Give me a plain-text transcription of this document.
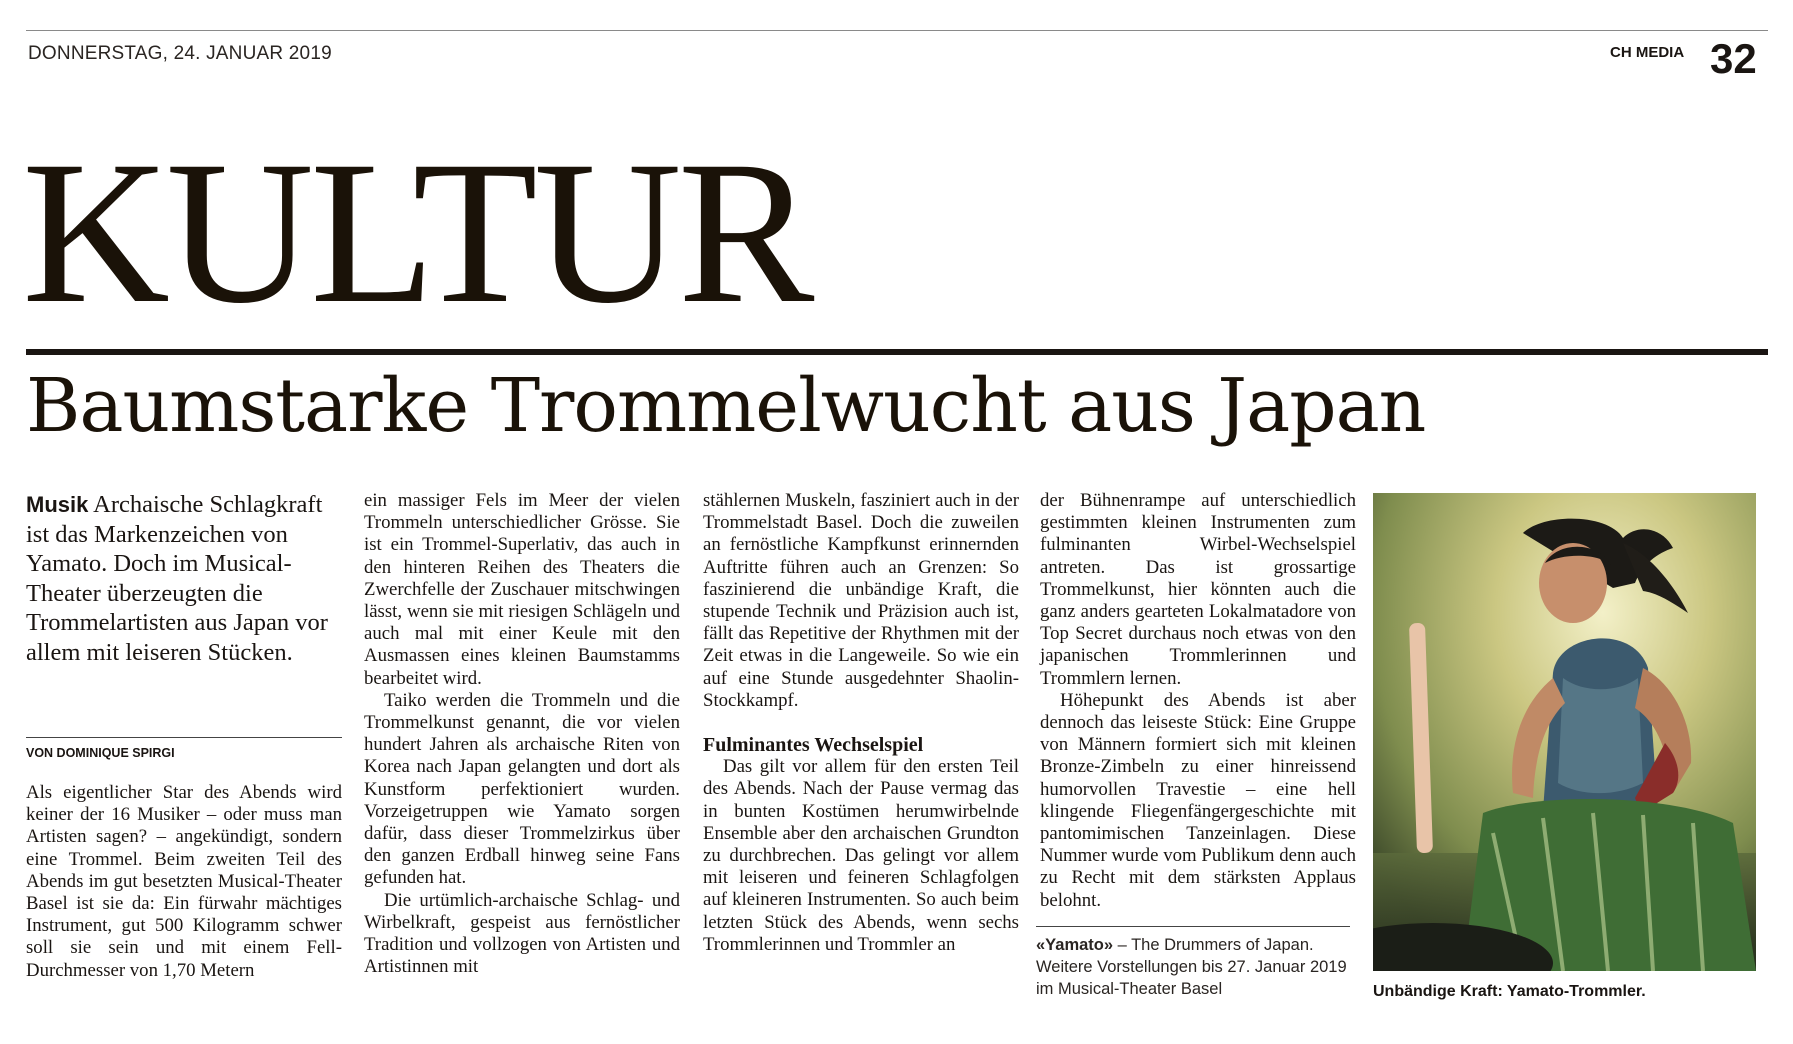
DONNERSTAG, 24. JANUAR 2019	CH MEDIA 32
KULTUR
Baumstarke Trommelwucht aus Japan
Musik Archaische Schlagkraft ist das Markenzeichen von Yamato. Doch im Musical-Theater überzeugten die Trommelartisten aus Japan vor allem mit leiseren Stücken.
VON DOMINIQUE SPIRGI

Als eigentlicher Star des Abends wird keiner der 16 Musiker – oder muss man Artisten sagen? – angekündigt, sondern eine Trommel. Beim zweiten Teil des Abends im gut besetzten Musical-Theater Basel ist sie da: Ein fürwahr mächtiges Instrument, gut 500 Kilogramm schwer soll sie sein und mit einem Fell-Durchmesser von 1,70 Metern

ein massiger Fels im Meer der vielen Trommeln unterschiedlicher Grösse. Sie ist ein Trommel-Superlativ, das auch in den hinteren Reihen des Theaters die Zwerchfelle der Zuschauer mitschwingen lässt, wenn sie mit riesigen Schlägeln und auch mal mit einer Keule mit den Ausmassen eines kleinen Baumstamms bearbeitet wird.

Taiko werden die Trommeln und die Trommelkunst genannt, die vor vielen hundert Jahren als archaische Riten von Korea nach Japan gelangten und dort als Kunstform perfektioniert wurden. Vorzeigetruppen wie Yamato sorgen dafür, dass dieser Trommelzirkus über den ganzen Erdball hinweg seine Fans gefunden hat.

Die urtümlich-archaische Schlag- und Wirbelkraft, gespeist aus fernöstlicher Tradition und vollzogen von Artisten und Artistinnen mit

stählernen Muskeln, fasziniert auch in der Trommelstadt Basel. Doch die zuweilen an fernöstliche Kampfkunst erinnernden Auftritte führen auch an Grenzen: So faszinierend die unbändige Kraft, die stupende Technik und Präzision auch ist, fällt das Repetitive der Rhythmen mit der Zeit etwas in die Langeweile. So wie ein auf eine Stunde ausgedehnter Shaolin-Stockkampf.

Fulminantes Wechselspiel

Das gilt vor allem für den ersten Teil des Abends. Nach der Pause vermag das in bunten Kostümen herumwirbelnde Ensemble aber den archaischen Grundton zu durchbrechen. Das gelingt vor allem mit leiseren und feineren Schlagfolgen auf kleineren Instrumenten. So auch beim letzten Stück des Abends, wenn sechs Trommlerinnen und Trommler an

der Bühnenrampe auf unterschiedlich gestimmten kleinen Instrumenten zum fulminanten Wirbel-Wechselspiel antreten. Das ist grossartige Trommelkunst, hier könnten auch die ganz anders gearteten Lokalmatadore von Top Secret durchaus noch etwas von den japanischen Trommlerinnen und Trommlern lernen.

Höhepunkt des Abends ist aber dennoch das leiseste Stück: Eine Gruppe von Männern formiert sich mit kleinen Bronze-Zimbeln zu einer hinreissend humorvollen Travestie – eine hell klingende Fliegenfängergeschichte mit pantomimischen Tanzeinlagen. Diese Nummer wurde vom Publikum denn auch zu Recht mit dem stärksten Applaus belohnt.

«Yamato» – The Drummers of Japan. Weitere Vorstellungen bis 27. Januar 2019 im Musical-Theater Basel	Unbändige Kraft: Yamato-Trommler.
